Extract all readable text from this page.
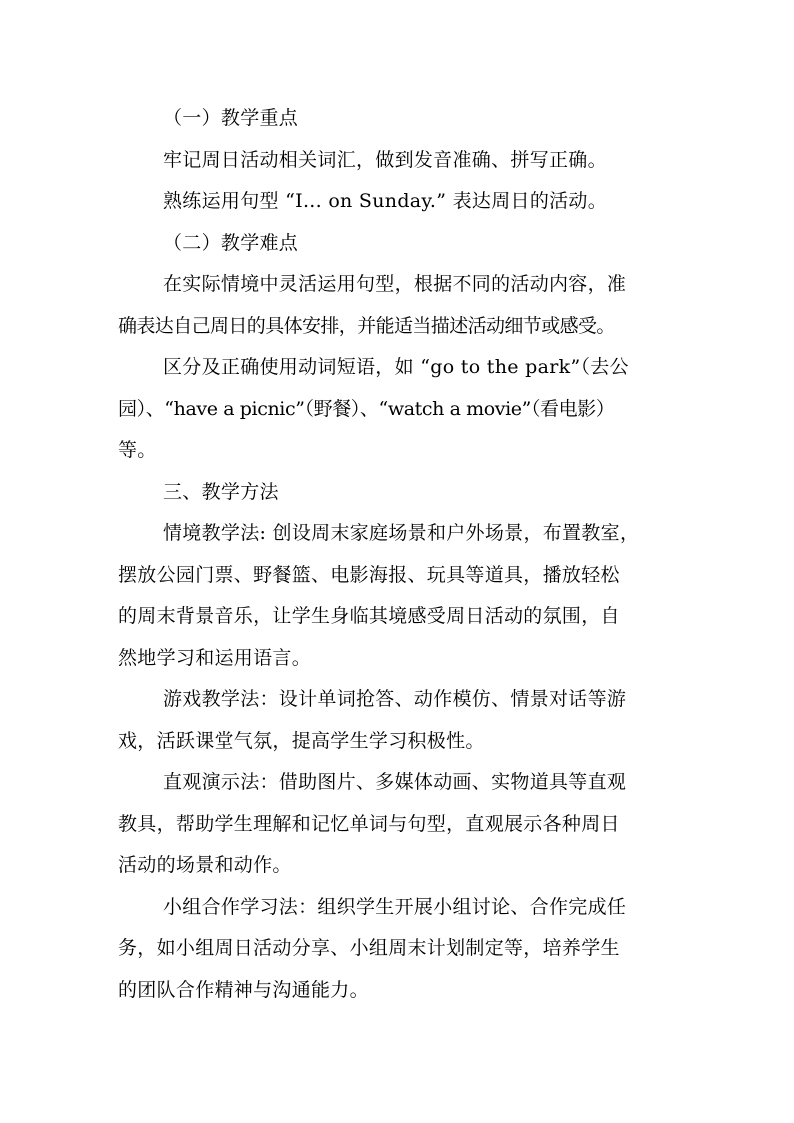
（一）教学重点
牢记周日活动相关词汇，做到发音准确、拼写正确。
熟练运用句型 “I... on Sunday.” 表达周日的活动。
（二）教学难点
在实际情境中灵活运用句型，根据不同的活动内容，准
确表达自己周日的具体安排，并能适当描述活动细节或感受。
区分及正确使用动词短语，如 “go to the park”（去公
园）、“have a picnic”（野餐）、“watch a movie”（看电影）
等。
三、教学方法
情境教学法: 创设周末家庭场景和户外场景，布置教室，
摆放公园门票、野餐篮、电影海报、玩具等道具，播放轻松
的周末背景音乐，让学生身临其境感受周日活动的氛围，自
然地学习和运用语言。
游戏教学法：设计单词抢答、动作模仿、情景对话等游
戏，活跃课堂气氛，提高学生学习积极性。
直观演示法：借助图片、多媒体动画、实物道具等直观
教具，帮助学生理解和记忆单词与句型，直观展示各种周日
活动的场景和动作。
小组合作学习法：组织学生开展小组讨论、合作完成任
务，如小组周日活动分享、小组周末计划制定等，培养学生
的团队合作精神与沟通能力。
